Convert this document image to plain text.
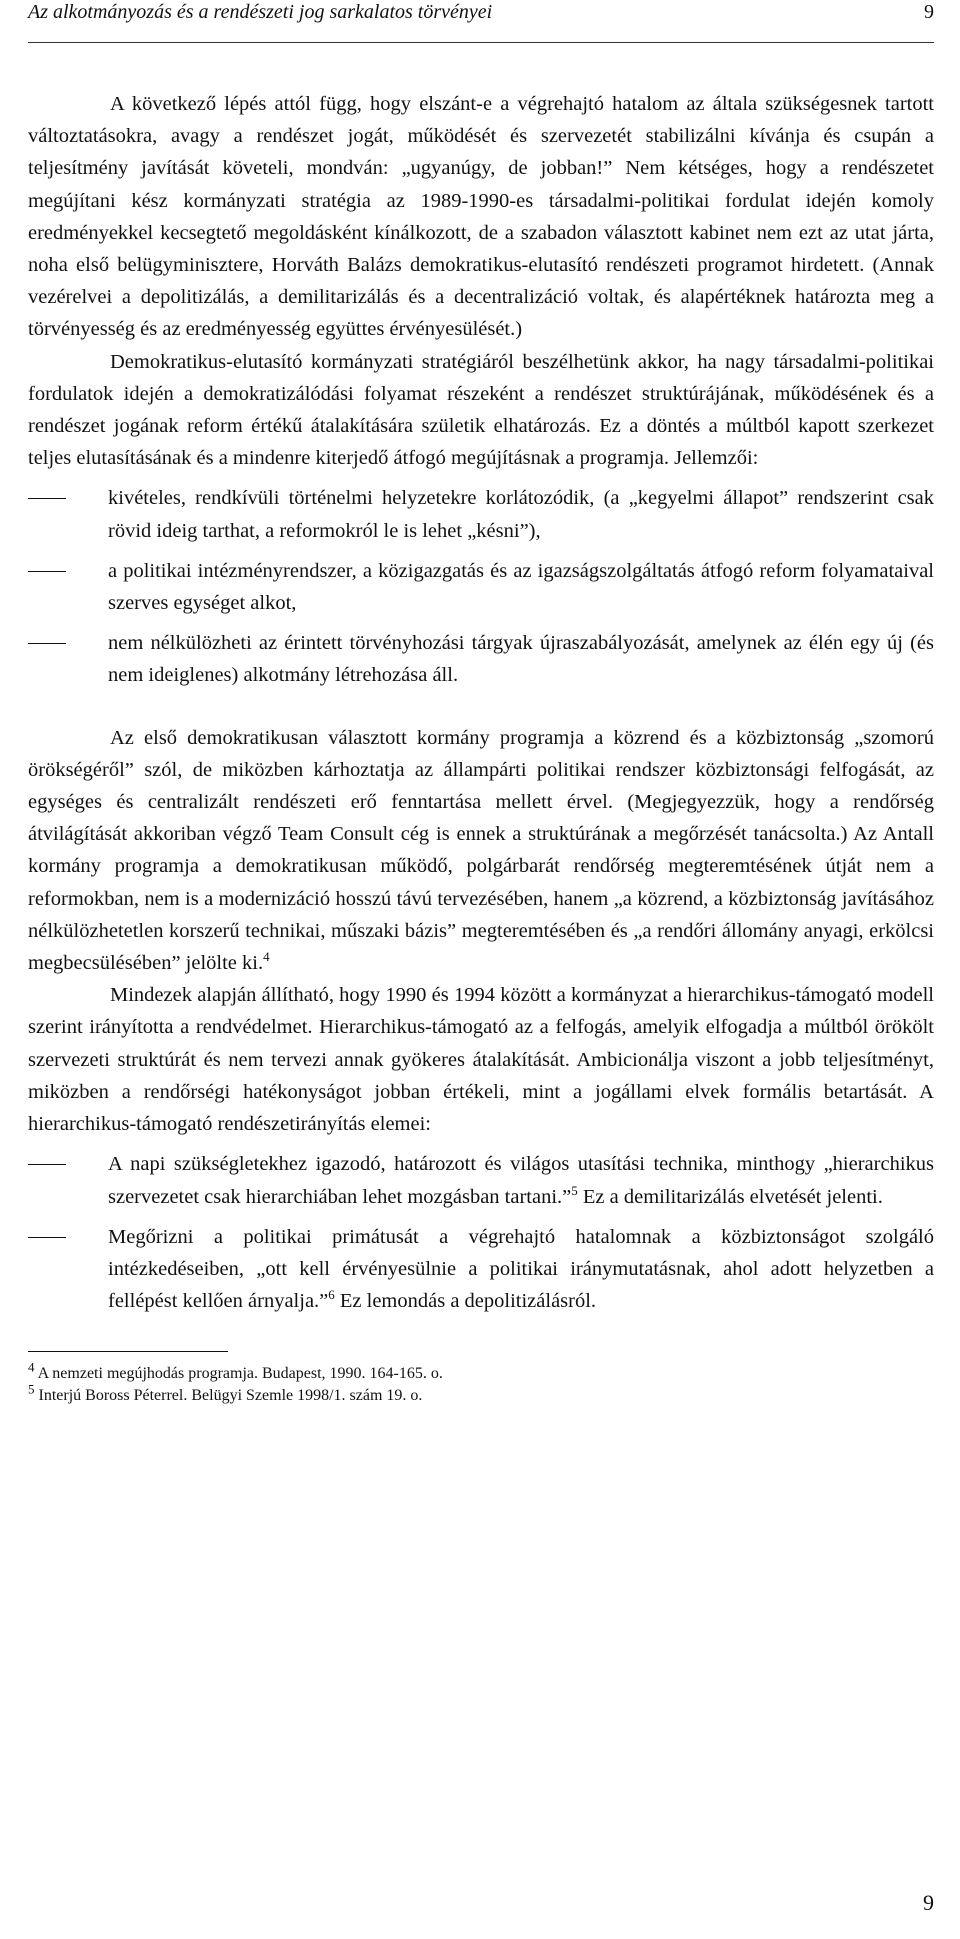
Az alkotmányozás és a rendészeti jog sarkalatos törvényei	9

A következő lépés attól függ, hogy elszánt-e a végrehajtó hatalom az általa szükségesnek tartott változtatásokra, avagy a rendészet jogát, működését és szervezetét stabilizálni kívánja és csupán a teljesítmény javítását követeli, mondván: „ugyanúgy, de jobban!” Nem kétséges, hogy a rendészetet megújítani kész kormányzati stratégia az 1989-1990-es társadalmi-politikai fordulat idején komoly eredményekkel kecsegtető megoldásként kínálkozott, de a szabadon választott kabinet nem ezt az utat járta, noha első belügyminisztere, Horváth Balázs demokratikus-elutasító rendészeti programot hirdetett. (Annak vezérelvei a depolitizálás, a demilitarizálás és a decentralizáció voltak, és alapértéknek határozta meg a törvényesség és az eredményesség együttes érvényesülését.)

Demokratikus-elutasító kormányzati stratégiáról beszélhetünk akkor, ha nagy társadalmi-politikai fordulatok idején a demokratizálódási folyamat részeként a rendészet struktúrájának, működésének és a rendészet jogának reform értékű átalakítására születik elhatározás. Ez a döntés a múltból kapott szerkezet teljes elutasításának és a mindenre kiterjedő átfogó megújításnak a programja. Jellemzői:

kivételes, rendkívüli történelmi helyzetekre korlátozódik, (a „kegyelmi állapot” rendszerint csak rövid ideig tarthat, a reformokról le is lehet „késni”),
a politikai intézményrendszer, a közigazgatás és az igazságszolgáltatás átfogó reform folyamataival szerves egységet alkot,
nem nélkülözheti az érintett törvényhozási tárgyak újraszabályozását, amelynek az élén egy új (és nem ideiglenes) alkotmány létrehozása áll.

Az első demokratikusan választott kormány programja a közrend és a közbiztonság „szomorú örökségéről” szól, de miközben kárhoztatja az állampárti politikai rendszer közbiztonsági felfogását, az egységes és centralizált rendészeti erő fenntartása mellett érvel. (Megjegyezzük, hogy a rendőrség átvilágítását akkoriban végző Team Consult cég is ennek a struktúrának a megőrzését tanácsolta.) Az Antall kormány programja a demokratikusan működő, polgárbarát rendőrség megteremtésének útját nem a reformokban, nem is a modernizáció hosszú távú tervezésében, hanem „a közrend, a közbiztonság javításához nélkülözhetetlen korszerű technikai, műszaki bázis” megteremtésében és „a rendőri állomány anyagi, erkölcsi megbecsülésében” jelölte ki.$^4$

Mindezek alapján állítható, hogy 1990 és 1994 között a kormányzat a hierarchikus-támogató modell szerint irányította a rendvédelmet. Hierarchikus-támogató az a felfogás, amelyik elfogadja a múltból örökölt szervezeti struktúrát és nem tervezi annak gyökeres átalakítását. Ambicionálja viszont a jobb teljesítményt, miközben a rendőrségi hatékonyságot jobban értékeli, mint a jogállami elvek formális betartását. A hierarchikus-támogató rendészetirányítás elemei:

A napi szükségletekhez igazodó, határozott és világos utasítási technika, minthogy „hierarchikus szervezetet csak hierarchiában lehet mozgásban tartani.”$^5$ Ez a demilitarizálás elvetését jelenti.
Megőrizni a politikai primátusát a végrehajtó hatalomnak a közbiztonságot szolgáló intézkedéseiben, „ott kell érvényesülnie a politikai iránymutatásnak, ahol adott helyzetben a fellépést kellően árnyalja.”$^6$ Ez lemondás a depolitizálásról.

$^4$ A nemzeti megújhodás programja. Budapest, 1990. 164-165. o.

$^5$ Interjú Boross Péterrel. Belügyi Szemle 1998/1. szám 19. o.

9
